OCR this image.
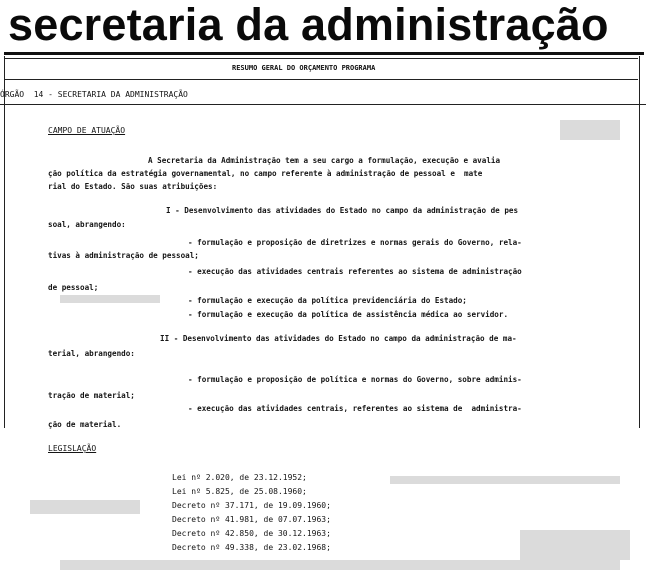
secretaria da administração
RESUMO GERAL DO ORÇAMENTO PROGRAMA
ÓRGÃO  14 - SECRETARIA DA ADMINISTRAÇÃO
CAMPO DE ATUAÇÃO
A Secretaria da Administração tem a seu cargo a formulação, execução e avalia
ção política da estratégia governamental, no campo referente à administração de pessoal e  mate
rial do Estado. São suas atribuições:
I - Desenvolvimento das atividades do Estado no campo da administração de pes
soal, abrangendo:
- formulação e proposição de diretrizes e normas gerais do Governo, rela-
tivas à administração de pessoal;
- execução das atividades centrais referentes ao sistema de administração
de pessoal;
- formulação e execução da política previdenciária do Estado;
- formulação e execução da política de assistência médica ao servidor.
II - Desenvolvimento das atividades do Estado no campo da administração de ma-
terial, abrangendo:
- formulação e proposição de política e normas do Governo, sobre adminis-
tração de material;
- execução das atividades centrais, referentes ao sistema de  administra-
ção de material.
LEGISLAÇÃO
Lei nº 2.020, de 23.12.1952;
Lei nº 5.825, de 25.08.1960;
Decreto nº 37.171, de 19.09.1960;
Decreto nº 41.981, de 07.07.1963;
Decreto nº 42.850, de 30.12.1963;
Decreto nº 49.338, de 23.02.1968;
